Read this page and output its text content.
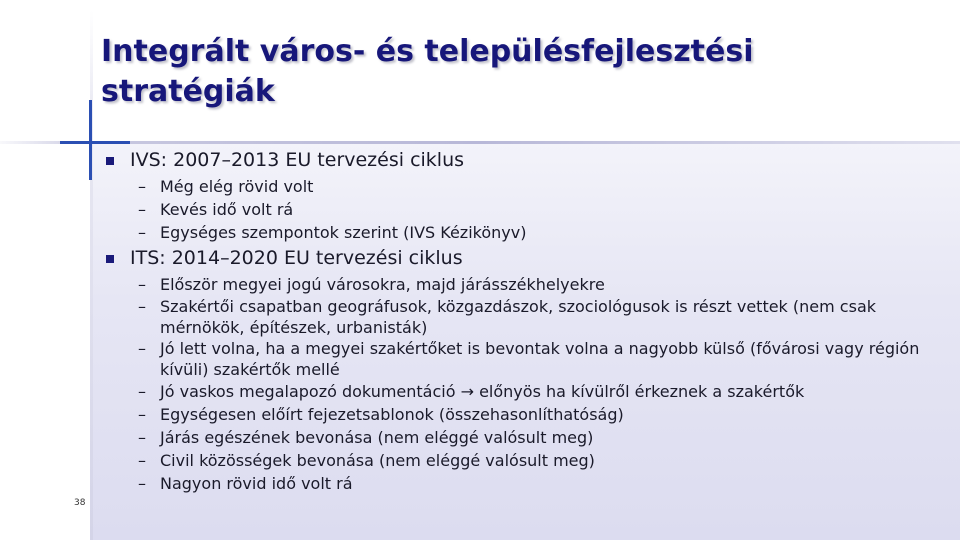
Integrált város- és településfejlesztési stratégiák
38
IVS: 2007–2013 EU tervezési ciklus
– Még elég rövid volt
– Kevés idő volt rá
– Egységes szempontok szerint (IVS Kézikönyv)
ITS: 2014–2020 EU tervezési ciklus
– Először megyei jogú városokra, majd járásszékhelyekre
– Szakértői csapatban geográfusok, közgazdászok, szociológusok is részt vettek (nem csak mérnökök, építészek, urbanisták)
– Jó lett volna, ha a megyei szakértőket is bevontak volna a nagyobb külső (fővárosi vagy régión kívüli) szakértők mellé
– Jó vaskos megalapozó dokumentáció → előnyös ha kívülről érkeznek a szakértők
– Egységesen előírt fejezetsablonok (összehasonlíthatóság)
– Járás egészének bevonása (nem eléggé valósult meg)
– Civil közösségek bevonása (nem eléggé valósult meg)
– Nagyon rövid idő volt rá
